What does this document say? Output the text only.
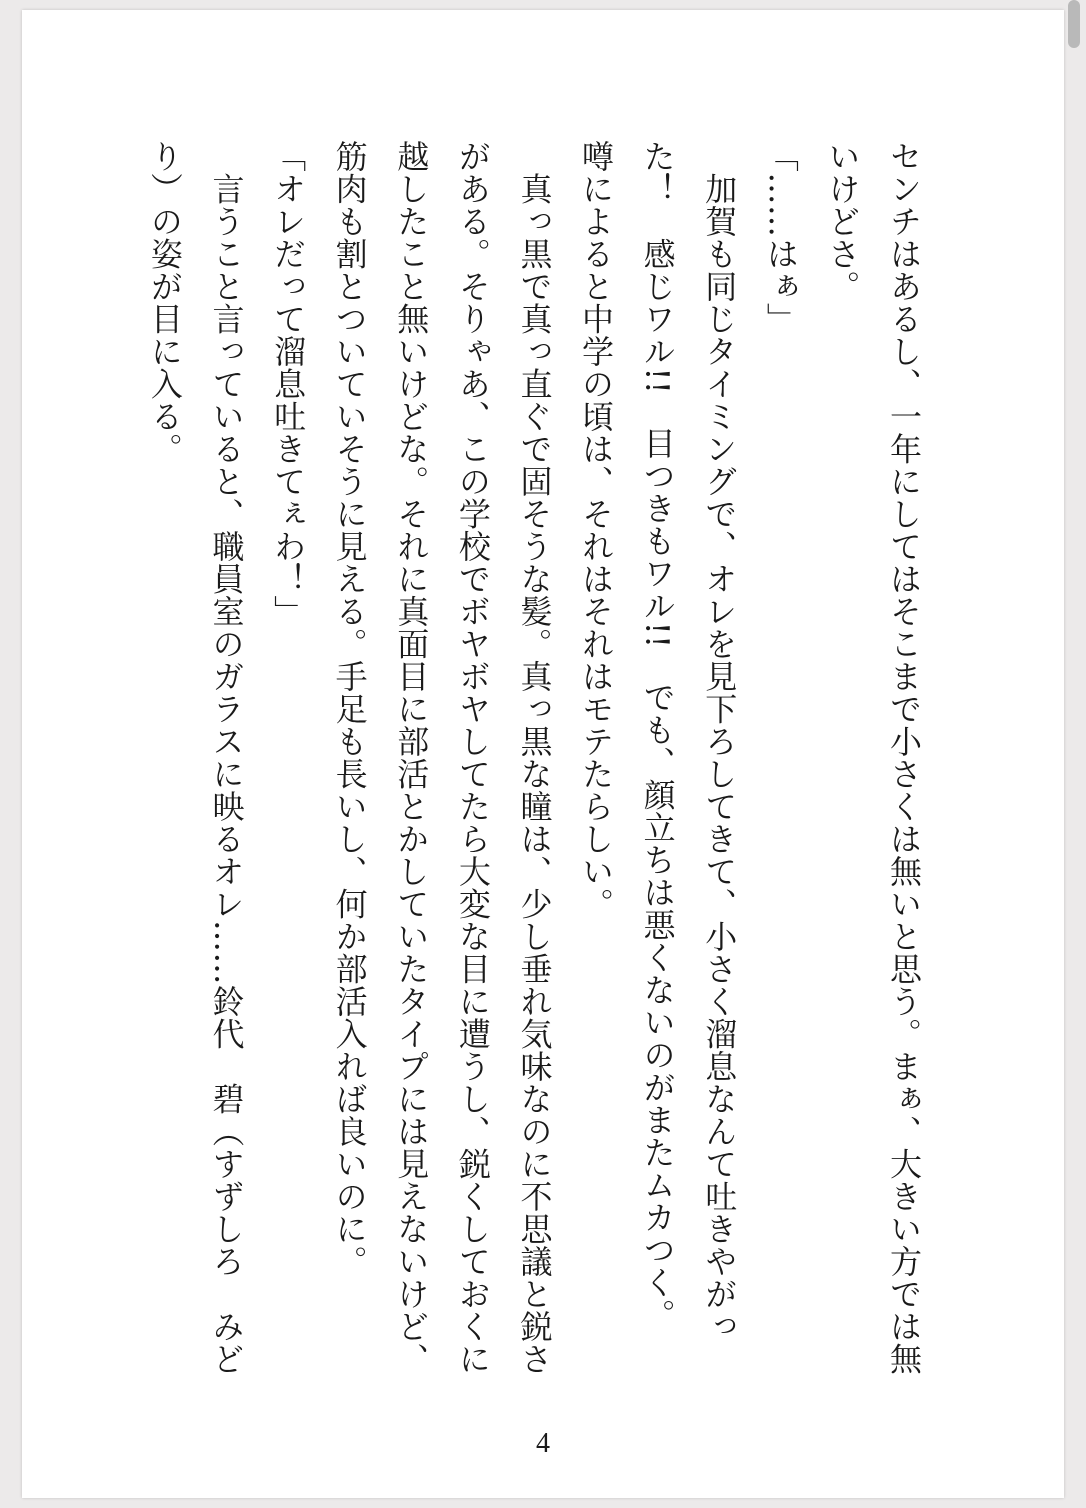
センチはあるし、一年にしてはそこまで小さくは無いと思う。まぁ、大きい方では無
いけどさ。
「……はぁ」
　加賀も同じタイミングで、オレを見下ろしてきて、小さく溜息なんて吐きやがっ
た！　感じワル!!　目つきもワル!!　でも、顔立ちは悪くないのがまたムカつく。
噂によると中学の頃は、それはそれはモテたらしい。
　真っ黒で真っ直ぐで固そうな髪。真っ黒な瞳は、少し垂れ気味なのに不思議と鋭さ
がある。そりゃあ、この学校でボヤボヤしてたら大変な目に遭うし、鋭くしておくに
越したこと無いけどな。それに真面目に部活とかしていたタイプには見えないけど、
筋肉も割とついていそうに見える。手足も長いし、何か部活入れば良いのに。
「オレだって溜息吐きてぇわ！」
　言うこと言っていると、職員室のガラスに映るオレ……鈴代　碧（すずしろ　みど
り）の姿が目に入る。
4
